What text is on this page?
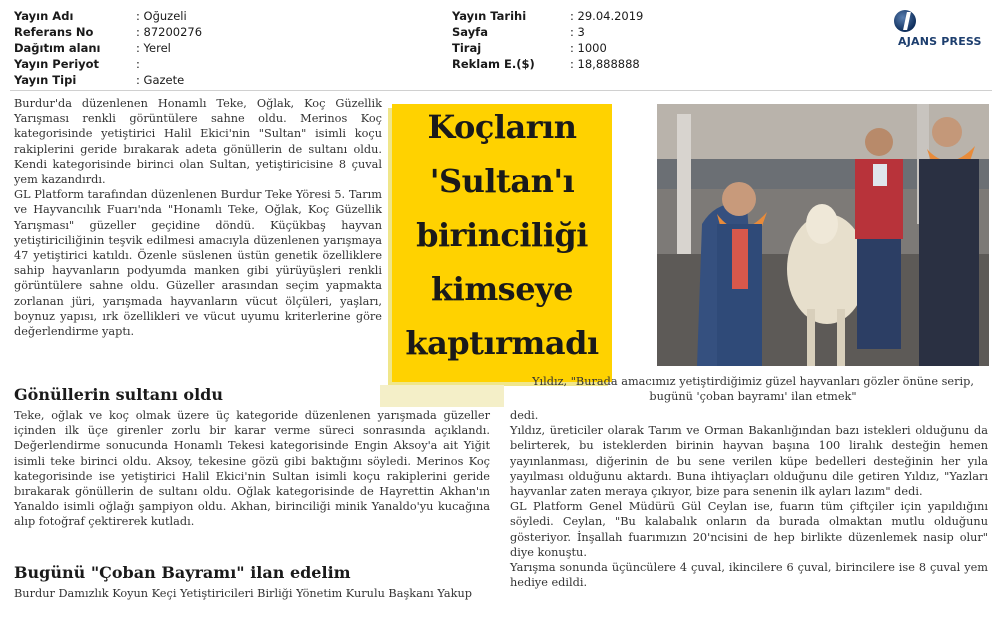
Yayın Adı	: Oğuzeli
Referans No	: 87200276
Dağıtım alanı	: Yerel
Yayın Periyot	:
Yayın Tipi	: Gazete
Yayın Tarihi	: 29.04.2019
Sayfa	: 3
Tiraj	: 1000
Reklam E.($)	: 18,888888
AJANS PRESS

Burdur'da düzenlenen Honamlı Teke, Oğlak, Koç Güzellik Yarışması renkli görüntülere sahne oldu. Merinos Koç kategorisinde yetiştirici Halil Ekici'nin "Sultan" isimli koçu rakiplerini geride bırakarak adeta gönüllerin de sultanı oldu. Kendi kategorisinde birinci olan Sultan, yetiştiricisine 8 çuval yem kazandırdı.

GL Platform tarafından düzenlenen Burdur Teke Yöresi 5. Tarım ve Hayvancılık Fuarı'nda "Honamlı Teke, Oğlak, Koç Güzellik Yarışması" güzeller geçidine döndü. Küçükbaş hayvan yetiştiriciliğinin teşvik edilmesi amacıyla düzenlenen yarışmaya 47 yetiştirici katıldı. Özenle süslenen üstün genetik özelliklere sahip hayvanların podyumda manken gibi yürüyüşleri renkli görüntülere sahne oldu. Güzeller arasından seçim yapmakta zorlanan jüri, yarışmada hayvanların vücut ölçüleri, yaşları, boynuz yapısı, ırk özellikleri ve vücut uyumu kriterlerine göre değerlendirme yaptı.

Koçların
'Sultan'ı
birinciliği
kimseye
kaptırmadı
Yıldız, "Burada amacımız yetiştirdiğimiz güzel hayvanları gözler önüne serip, bugünü 'çoban bayramı' ilan etmek"
Gönüllerin sultanı oldu

Teke, oğlak ve koç olmak üzere üç kategoride düzenlenen yarışmada güzeller içinden ilk üçe girenler zorlu bir karar verme süreci sonrasında açıklandı. Değerlendirme sonucunda Honamlı Tekesi kategorisinde Engin Aksoy'a ait Yiğit isimli teke birinci oldu. Aksoy, tekesine gözü gibi baktığını söyledi. Merinos Koç kategorisinde ise yetiştirici Halil Ekici'nin Sultan isimli koçu rakiplerini geride bırakarak gönüllerin de sultanı oldu. Oğlak kategorisinde de Hayrettin Akhan'ın Yanaldo isimli oğlağı şampiyon oldu. Akhan, birinciliği minik Yanaldo'yu kucağına alıp fotoğraf çektirerek kutladı.

Bugünü "Çoban Bayramı" ilan edelim
Burdur Damızlık Koyun Keçi Yetiştiricileri Birliği Yönetim Kurulu Başkanı Yakup

dedi.

Yıldız, üreticiler olarak Tarım ve Orman Bakanlığından bazı istekleri olduğunu da belirterek, bu isteklerden birinin hayvan başına 100 liralık desteğin hemen yayınlanması, diğerinin de bu sene verilen küpe bedelleri desteğinin her yıla yayılması olduğunu aktardı. Buna ihtiyaçları olduğunu dile getiren Yıldız, "Yazları hayvanlar zaten meraya çıkıyor, bize para senenin ilk ayları lazım" dedi.

GL Platform Genel Müdürü Gül Ceylan ise, fuarın tüm çiftçiler için yapıldığını söyledi. Ceylan, "Bu kalabalık onların da burada olmaktan mutlu olduğunu gösteriyor. İnşallah fuarımızın 20'ncisini de hep birlikte düzenlemek nasip olur" diye konuştu.

Yarışma sonunda üçüncülere 4 çuval, ikincilere 6 çuval, birincilere ise 8 çuval yem hediye edildi.
